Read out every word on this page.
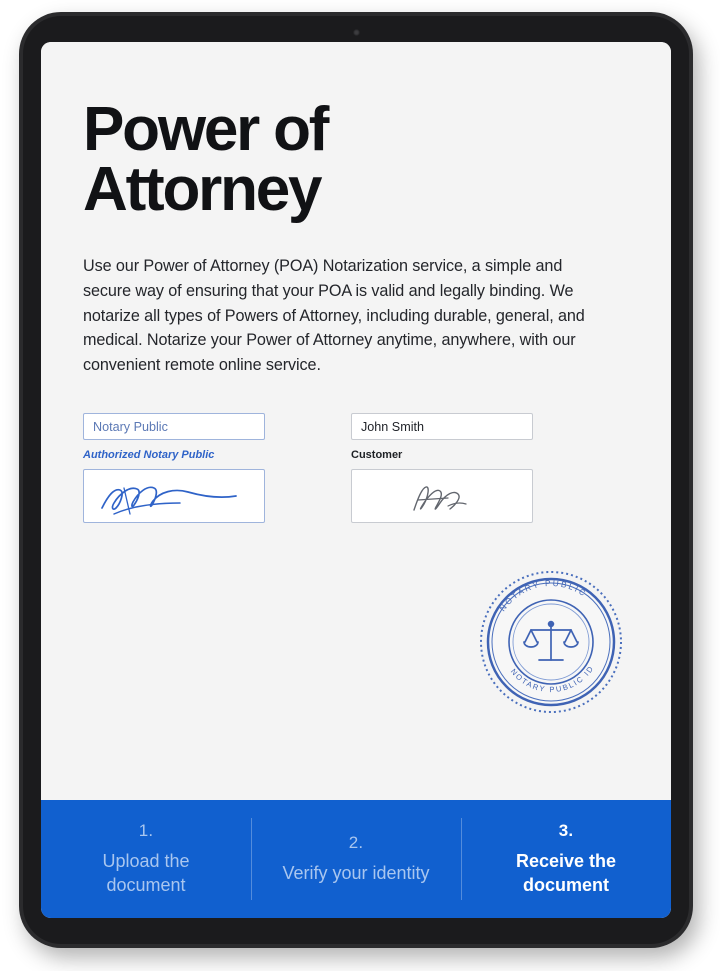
Power of Attorney

Use our Power of Attorney (POA) Notarization service, a simple and secure way of ensuring that your POA is valid and legally binding. We notarize all types of Powers of Attorney, including durable, general, and medical. Notarize your Power of Attorney anytime, anywhere, with our convenient remote online service.

Notary Public
Authorized Notary Public
John Smith
Customer
NOTARY PUBLIC
NOTARY PUBLIC ID
1.
Upload the document
2.
Verify your identity
3.
Receive the document
